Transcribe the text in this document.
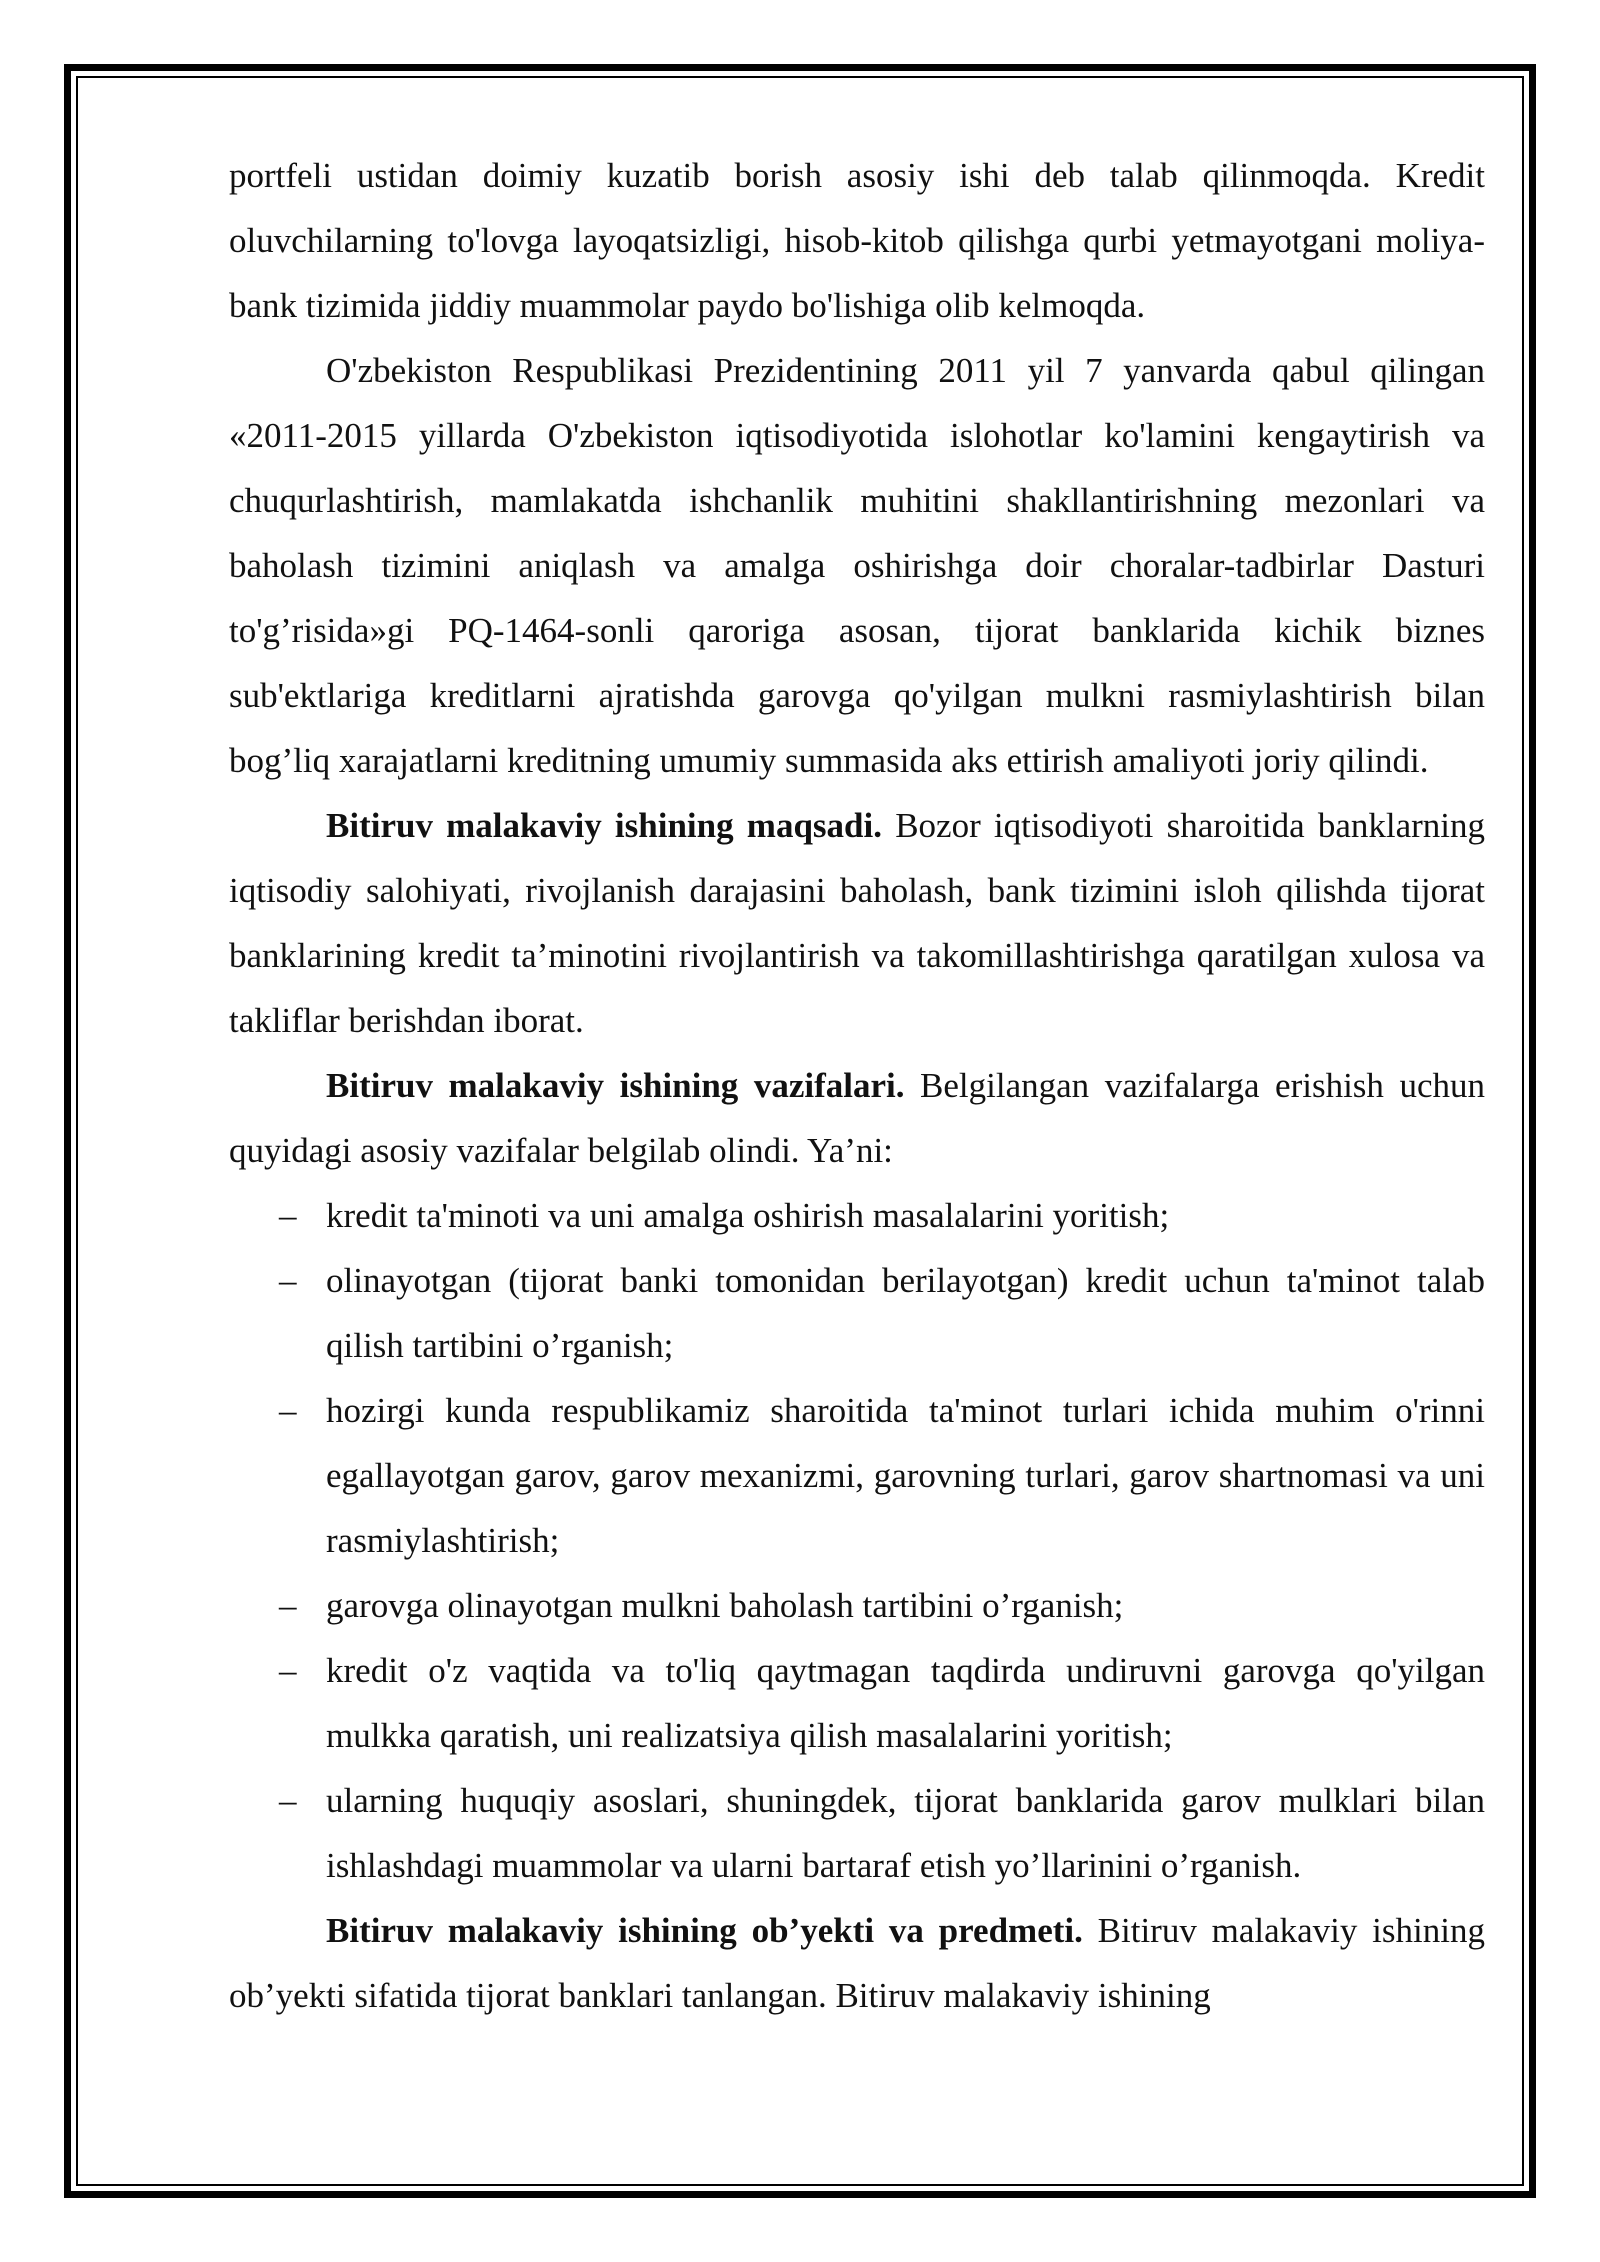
portfeli ustidan doimiy kuzatib borish asosiy ishi deb talab qilinmoqda. Kredit oluvchilarning to'lovga layoqatsizligi, hisob-kitob qilishga qurbi yetmayotgani moliya-bank tizimida jiddiy muammolar paydo bo'lishiga olib kelmoqda.

O'zbekiston Respublikasi Prezidentining 2011 yil 7 yanvarda qabul qilingan «2011-2015 yillarda O'zbekiston iqtisodiyotida islohotlar ko'lamini kengaytirish va chuqurlashtirish, mamlakatda ishchanlik muhitini shakllantirishning mezonlari va baholash tizimini aniqlash va amalga oshirishga doir choralar-tadbirlar Dasturi to'g’risida»gi PQ-1464-sonli qaroriga asosan, tijorat banklarida kichik biznes sub'ektlariga kreditlarni ajratishda garovga qo'yilgan mulkni rasmiylashtirish bilan bog’liq xarajatlarni kreditning umumiy summasida aks ettirish amaliyoti joriy qilindi.

Bitiruv malakaviy ishining maqsadi. Bozor iqtisodiyoti sharoitida banklarning iqtisodiy salohiyati, rivojlanish darajasini baholash, bank tizimini isloh qilishda tijorat banklarining kredit ta’minotini rivojlantirish va takomillashtirishga qaratilgan xulosa va takliflar berishdan iborat.

Bitiruv malakaviy ishining vazifalari. Belgilangan vazifalarga erishish uchun quyidagi asosiy vazifalar belgilab olindi. Ya’ni:

– kredit ta'minoti va uni amalga oshirish masalalarini yoritish;
– olinayotgan (tijorat banki tomonidan berilayotgan) kredit uchun ta'minot talab qilish tartibini o’rganish;
– hozirgi kunda respublikamiz sharoitida ta'minot turlari ichida muhim o'rinni egallayotgan garov, garov mexanizmi, garovning turlari, garov shartnomasi va uni rasmiylashtirish;
– garovga olinayotgan mulkni baholash tartibini o’rganish;
– kredit o'z vaqtida va to'liq qaytmagan taqdirda undiruvni garovga qo'yilgan mulkka qaratish, uni realizatsiya qilish masalalarini yoritish;
– ularning huquqiy asoslari, shuningdek, tijorat banklarida garov mulklari bilan ishlashdagi muammolar va ularni bartaraf etish yo’llarinini o’rganish.

Bitiruv malakaviy ishining ob’yekti va predmeti. Bitiruv malakaviy ishining ob’yekti sifatida tijorat banklari tanlangan. Bitiruv malakaviy ishining
